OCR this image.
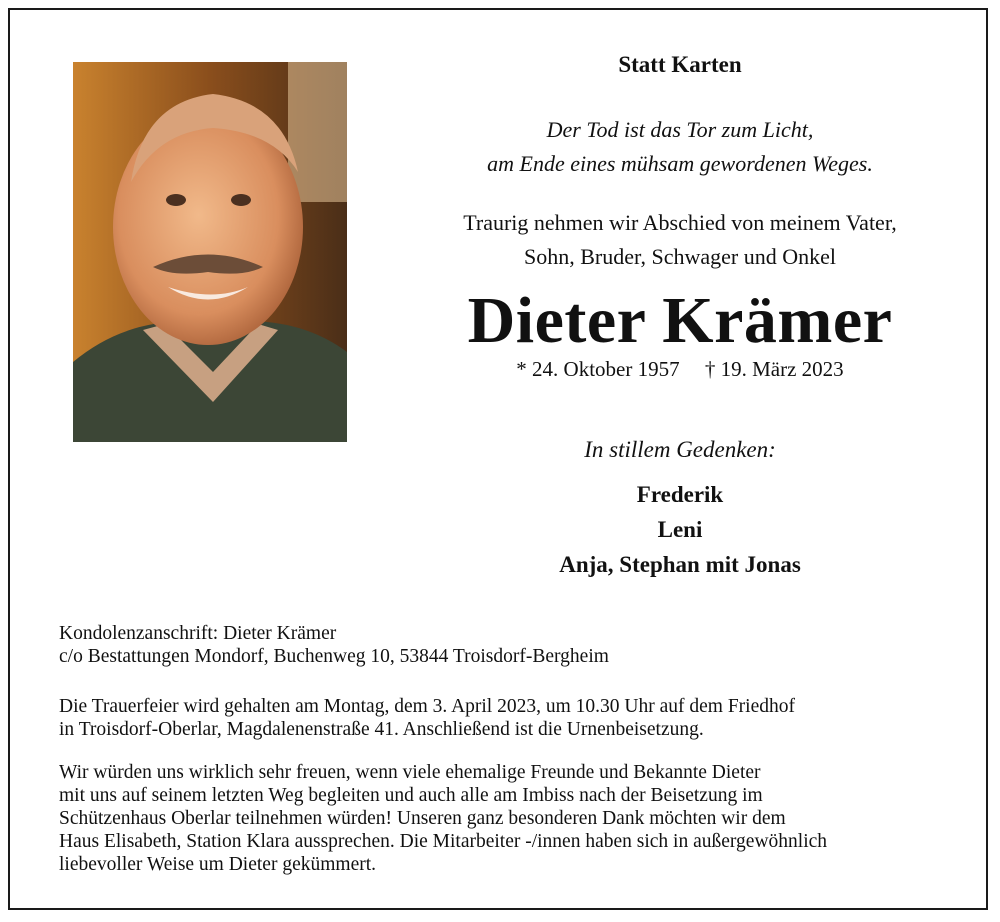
Statt Karten
Der Tod ist das Tor zum Licht,
am Ende eines mühsam gewordenen Weges.
Traurig nehmen wir Abschied von meinem Vater,
Sohn, Bruder, Schwager und Onkel
Dieter Krämer
* 24. Oktober 1957 † 19. März 2023
In stillem Gedenken:
Frederik
Leni
Anja, Stephan mit Jonas
Kondolenzanschrift: Dieter Krämer
c/o Bestattungen Mondorf, Buchenweg 10, 53844 Troisdorf-Bergheim
Die Trauerfeier wird gehalten am Montag, dem 3. April 2023, um 10.30 Uhr auf dem Friedhof
in Troisdorf-Oberlar, Magdalenenstraße 41. Anschließend ist die Urnenbeisetzung.
Wir würden uns wirklich sehr freuen, wenn viele ehemalige Freunde und Bekannte Dieter
mit uns auf seinem letzten Weg begleiten und auch alle am Imbiss nach der Beisetzung im
Schützenhaus Oberlar teilnehmen würden! Unseren ganz besonderen Dank möchten wir dem
Haus Elisabeth, Station Klara aussprechen. Die Mitarbeiter -/innen haben sich in außergewöhnlich
liebevoller Weise um Dieter gekümmert.
